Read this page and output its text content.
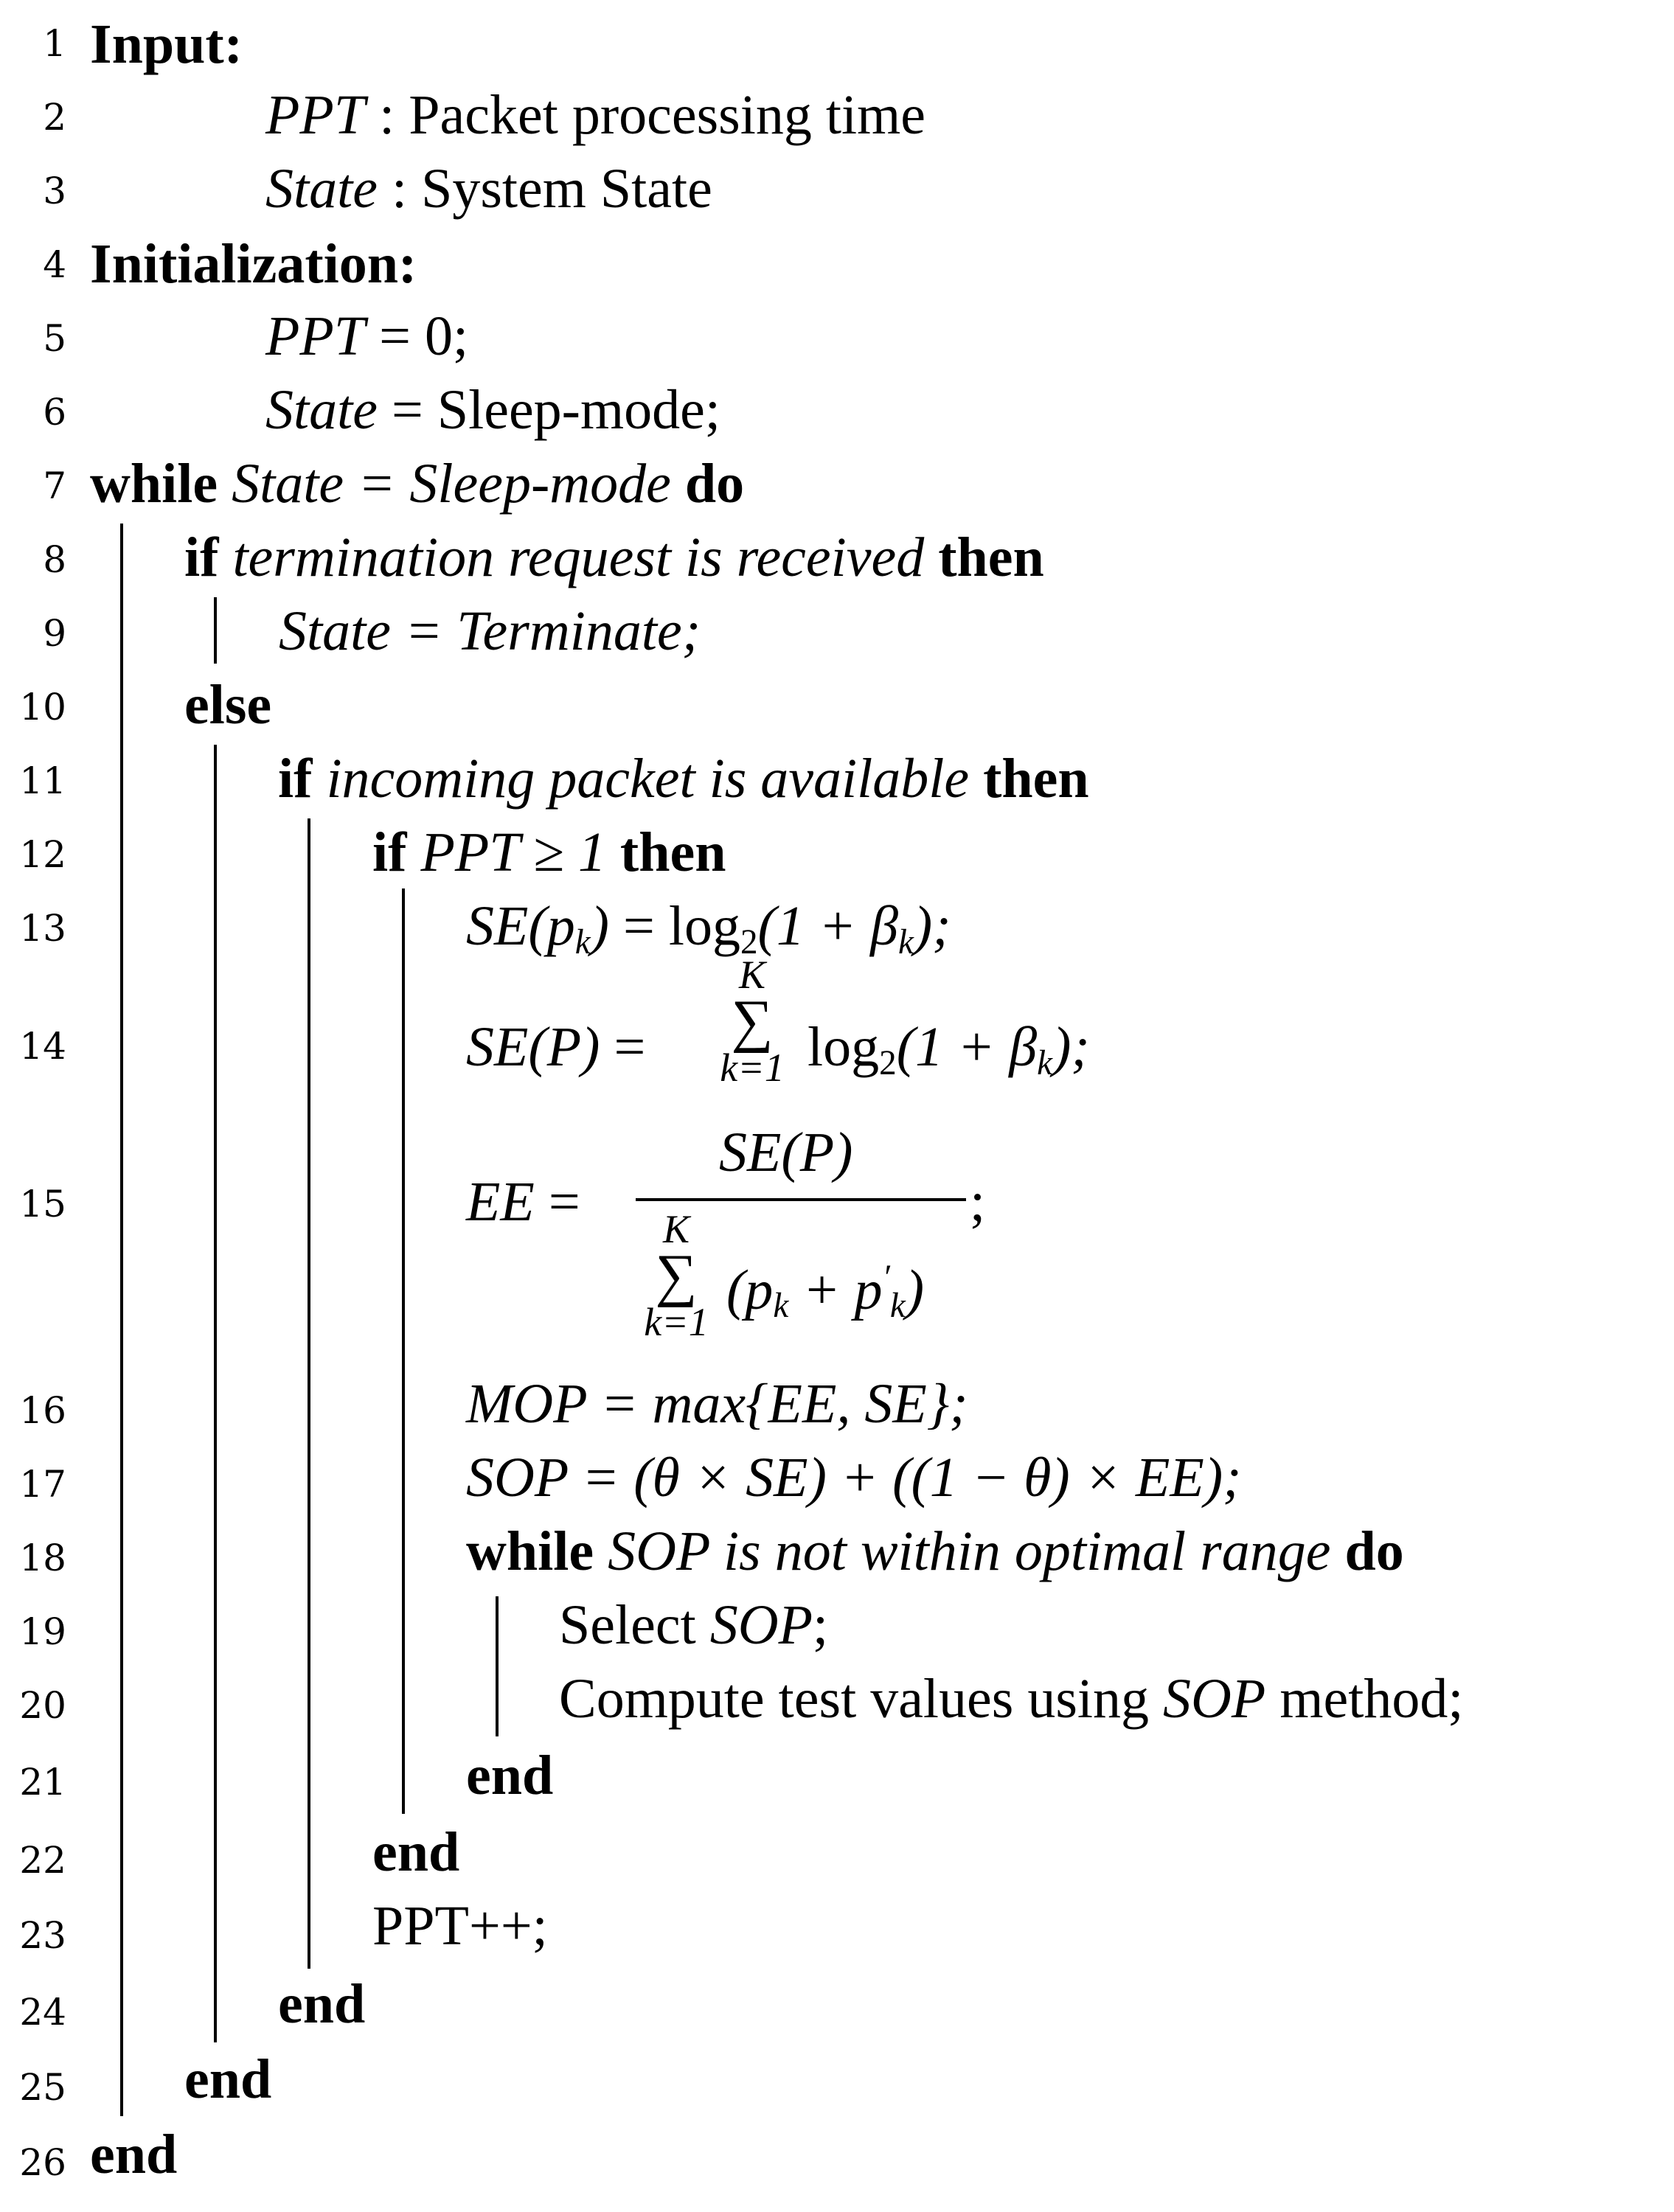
1
2
3
4
5
6
7
8
9
10
11
12
13
14
15
16
17
18
19
20
21
22
23
24
25
26
Input:
PPT : Packet processing time
State : System State
Initialization:
PPT = 0;
State = Sleep-mode;
while State = Sleep-mode do
if termination request is received then
State = Terminate;
else
if incoming packet is available then
if PPT ≥ 1 then
$SE(p_k) = \log_2(1 + \beta_k)$;
SE(P) =
K
∑
k=1 $\log_2(1 + \beta_k)$;
EE =
SE(P)
K
∑
k=1
$(p_k + p'_k)$
;
MOP = max{EE, SE};
SOP = (θ × SE) + ((1 − θ) × EE);
while SOP is not within optimal range do
Select SOP;
Compute test values using SOP method;
end
end
PPT++;
end
end
end
